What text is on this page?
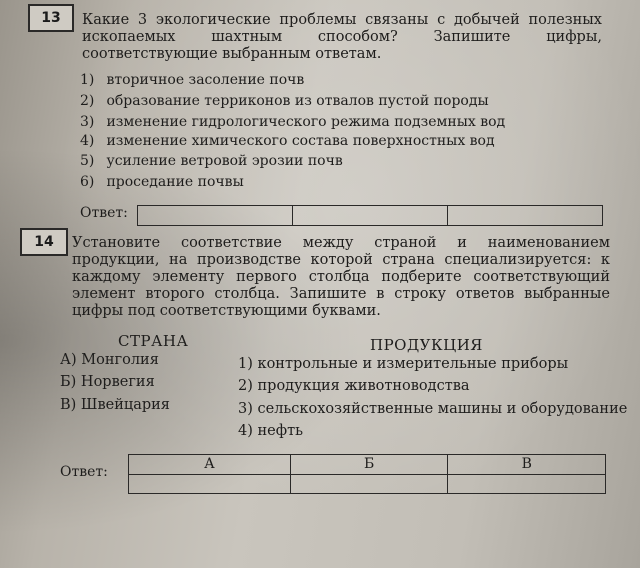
13	Какие 3 экологические проблемы связаны с добычей полезных ископаемых шахтным способом? Запишите цифры, соответствующие выбранным ответам.
1) вторичное засоление почв
2) образование терриконов из отвалов пустой породы
3) изменение гидрологического режима подземных вод
4) изменение химического состава поверхностных вод
5) усиление ветровой эрозии почв
6) проседание почвы
Ответ:
14	Установите соответствие между страной и наименованием продукции, на производстве которой страна специализируется: к каждому элементу первого столбца подберите соответствующий элемент второго столбца. Запишите в строку ответов выбранные цифры под соответствующими буквами.
СТРАНА	ПРОДУКЦИЯ
А) Монголия
Б) Норвегия
В) Швейцария
1) контрольные и измерительные приборы
2) продукция животноводства
3) сельскохозяйственные машины и оборудование
4) нефть
Ответ:	А	Б	В
